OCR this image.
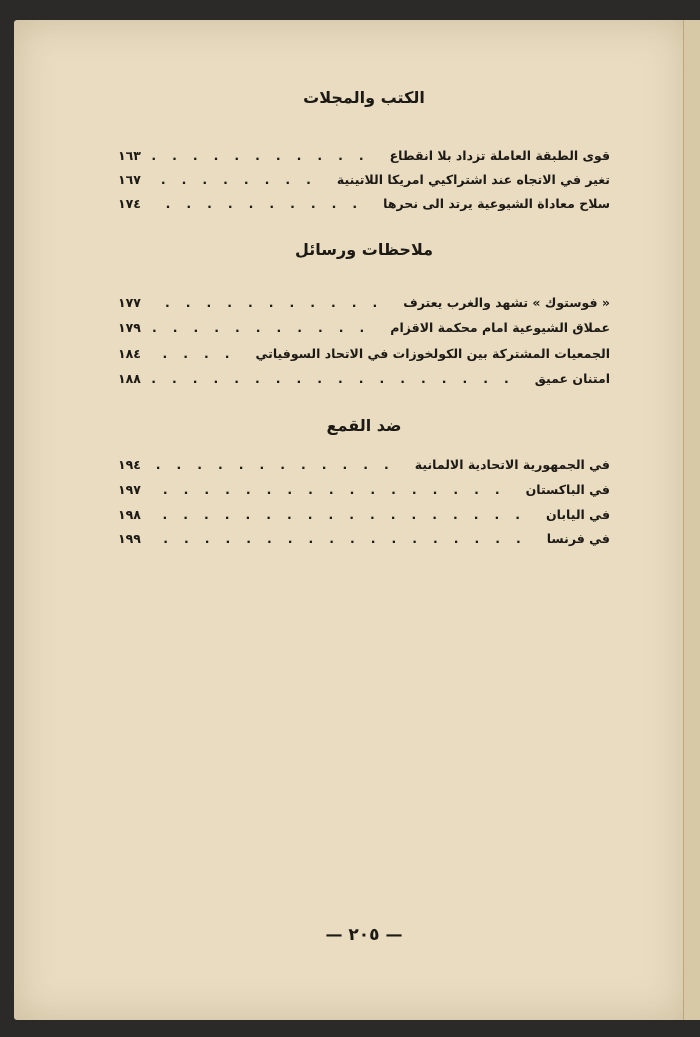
الكتب والمجلات
قوى الطبقة العاملة تزداد بلا انقطاع
.....
١٦٣
تغير في الاتجاه عند اشتراكيي امريكا اللاتينية
.....
١٦٧
سلاح معاداة الشيوعية يرتد الى نحرها
.....
١٧٤
ملاحظات ورسائل
« فوستوك » تشهد والغرب يعترف
.....
١٧٧
عملاق الشيوعية امام محكمة الاقزام
.....
١٧٩
الجمعيات المشتركة بين الكولخوزات في الاتحاد السوفياتي
.....
١٨٤
امتنان عميق
.....
١٨٨
ضد القمع
في الجمهورية الاتحادية الالمانية
.....
١٩٤
في الباكستان
.....
١٩٧
في اليابان
.....
١٩٨
في فرنسا
.....
١٩٩
— ٢٠٥ —
